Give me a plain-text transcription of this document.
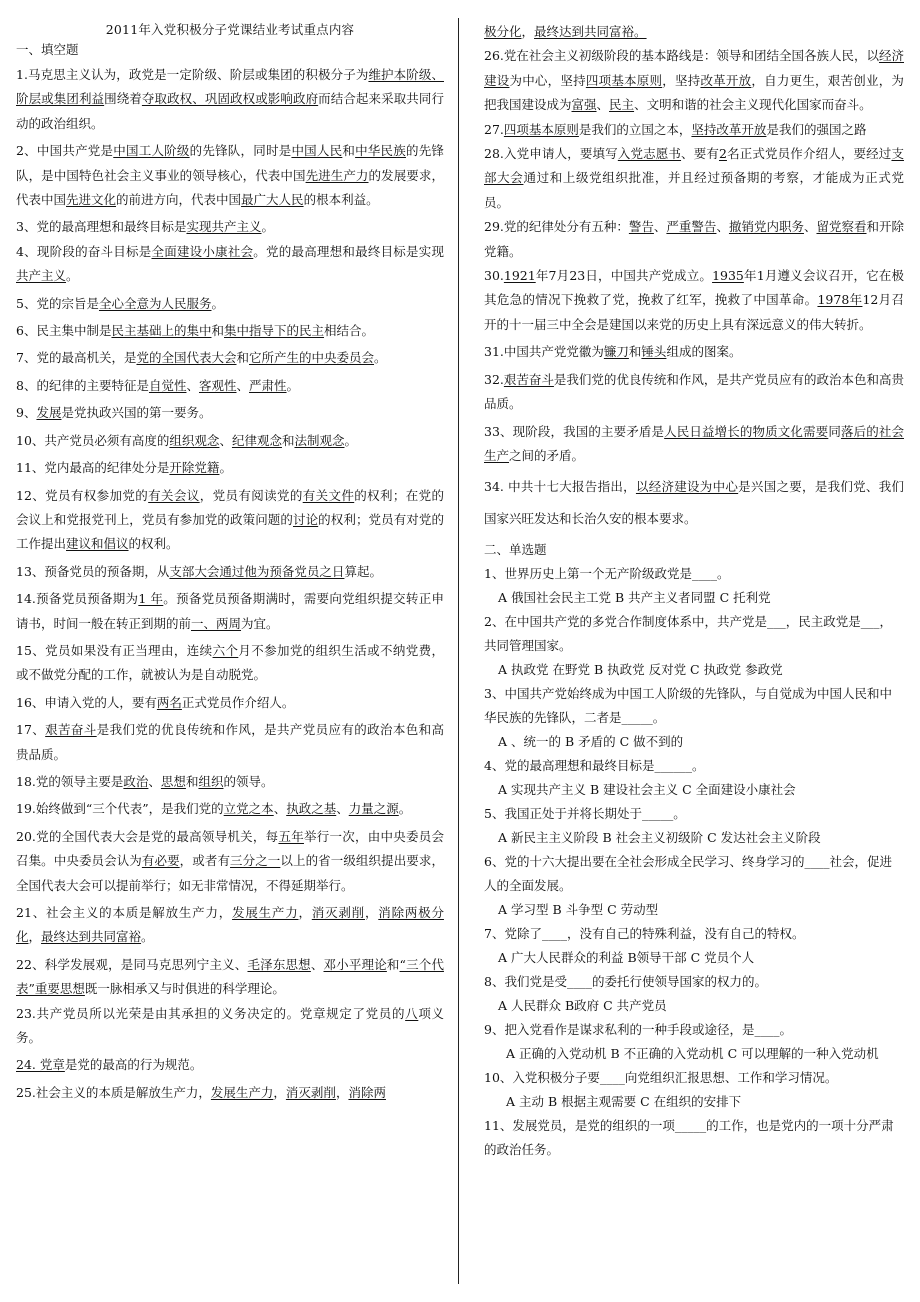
2011年入党积极分子党课结业考试重点内容
一、填空题

1.马克思主义认为，政党是一定阶级、阶层或集团的积极分子为维护本阶级、阶层或集团利益围绕着夺取政权、巩固政权或影响政府而结合起来采取共同行动的政治组织。

2、中国共产党是中国工人阶级的先锋队，同时是中国人民和中华民族的先锋队，是中国特色社会主义事业的领导核心，代表中国先进生产力的发展要求，代表中国先进文化的前进方向，代表中国最广大人民的根本利益。

3、党的最高理想和最终目标是实现共产主义。

4、现阶段的奋斗目标是全面建设小康社会。党的最高理想和最终目标是实现共产主义。

5、党的宗旨是全心全意为人民服务。

6、民主集中制是民主基础上的集中和集中指导下的民主相结合。

7、党的最高机关，是党的全国代表大会和它所产生的中央委员会。

8、的纪律的主要特征是自觉性、客观性、严肃性。

9、发展是党执政兴国的第一要务。

10、共产党员必须有高度的组织观念、纪律观念和法制观念。

11、党内最高的纪律处分是开除党籍。

12、党员有权参加党的有关会议，党员有阅读党的有关文件的权利；在党的会议上和党报党刊上，党员有参加党的政策问题的讨论的权利；党员有对党的工作提出建议和倡议的权利。

13、预备党员的预备期，从支部大会通过他为预备党员之日算起。

14.预备党员预备期为1 年。预备党员预备期满时，需要向党组织提交转正申请书，时间一般在转正到期的前一、两周为宜。

15、党员如果没有正当理由，连续六个月不参加党的组织生活或不纳党费，或不做党分配的工作，就被认为是自动脱党。

16、申请入党的人，要有两名正式党员作介绍人。

17、艰苦奋斗是我们党的优良传统和作风，是共产党员应有的政治本色和高贵品质。

18.党的领导主要是政治、思想和组织的领导。

19.始终做到“三个代表”，是我们党的立党之本、执政之基、力量之源。

20.党的全国代表大会是党的最高领导机关，每五年举行一次，由中央委员会召集。中央委员会认为有必要，或者有三分之一以上的省一级组织提出要求，全国代表大会可以提前举行；如无非常情况，不得延期举行。

21、社会主义的本质是解放生产力，发展生产力，消灭剥削，消除两极分化，最终达到共同富裕。

22、科学发展观，是同马克思列宁主义、毛泽东思想、邓小平理论和“三个代表”重要思想既一脉相承又与时俱进的科学理论。

23.共产党员所以光荣是由其承担的义务决定的。党章规定了党员的八项义务。

24. 党章是党的最高的行为规范。

25.社会主义的本质是解放生产力，发展生产力，消灭剥削，消除两

极分化，最终达到共同富裕。

26.党在社会主义初级阶段的基本路线是：领导和团结全国各族人民，以经济建设为中心，坚持四项基本原则，坚持改革开放，自力更生，艰苦创业，为把我国建设成为富强、民主、文明和谐的社会主义现代化国家而奋斗。

27.四项基本原则是我们的立国之本，坚持改革开放是我们的强国之路

28.入党申请人，要填写入党志愿书、要有2名正式党员作介绍人，要经过支部大会通过和上级党组织批准，并且经过预备期的考察，才能成为正式党员。

29.党的纪律处分有五种：警告、严重警告、撤销党内职务、留党察看和开除党籍。

30.1921年7月23日，中国共产党成立。1935年1月遵义会议召开，它在极其危急的情况下挽救了党，挽救了红军，挽救了中国革命。1978年12月召开的十一届三中全会是建国以来党的历史上具有深远意义的伟大转折。

31.中国共产党党徽为镰刀和锤头组成的图案。

32.艰苦奋斗是我们党的优良传统和作风，是共产党员应有的政治本色和高贵品质。

33、现阶段，我国的主要矛盾是人民日益增长的物质文化需要同落后的社会生产之间的矛盾。

34. 中共十七大报告指出，以经济建设为中心是兴国之要，是我们党、我们国家兴旺发达和长治久安的根本要求。

二、单选题

1、世界历史上第一个无产阶级政党是____。

A 俄国社会民主工党 B 共产主义者同盟 C 托利党

2、在中国共产党的多党合作制度体系中，共产党是___，民主政党是___，共同管理国家。

A 执政党 在野党 B 执政党 反对党 C 执政党 参政党

3、中国共产党始终成为中国工人阶级的先锋队，与自觉成为中国人民和中华民族的先锋队，二者是_____。

A 、统一的 B 矛盾的 C 做不到的

4、党的最高理想和最终目标是______。

A 实现共产主义 B 建设社会主义 C 全面建设小康社会

5、我国正处于并将长期处于_____。

A 新民主主义阶段 B 社会主义初级阶 C 发达社会主义阶段

6、党的十六大提出要在全社会形成全民学习、终身学习的____社会，促进人的全面发展。

A 学习型 B 斗争型 C 劳动型

7、党除了____，没有自己的特殊利益，没有自己的特权。

A 广大人民群众的利益 B领导干部 C 党员个人

8、我们党是受____的委托行使领导国家的权力的。

A 人民群众 B政府 C 共产党员

9、把入党看作是谋求私利的一种手段或途径，是____。

A 正确的入党动机 B 不正确的入党动机 C 可以理解的一种入党动机

10、入党积极分子要____向党组织汇报思想、工作和学习情况。

A 主动 B 根据主观需要 C 在组织的安排下

11、发展党员，是党的组织的一项_____的工作，也是党内的一项十分严肃的政治任务。
